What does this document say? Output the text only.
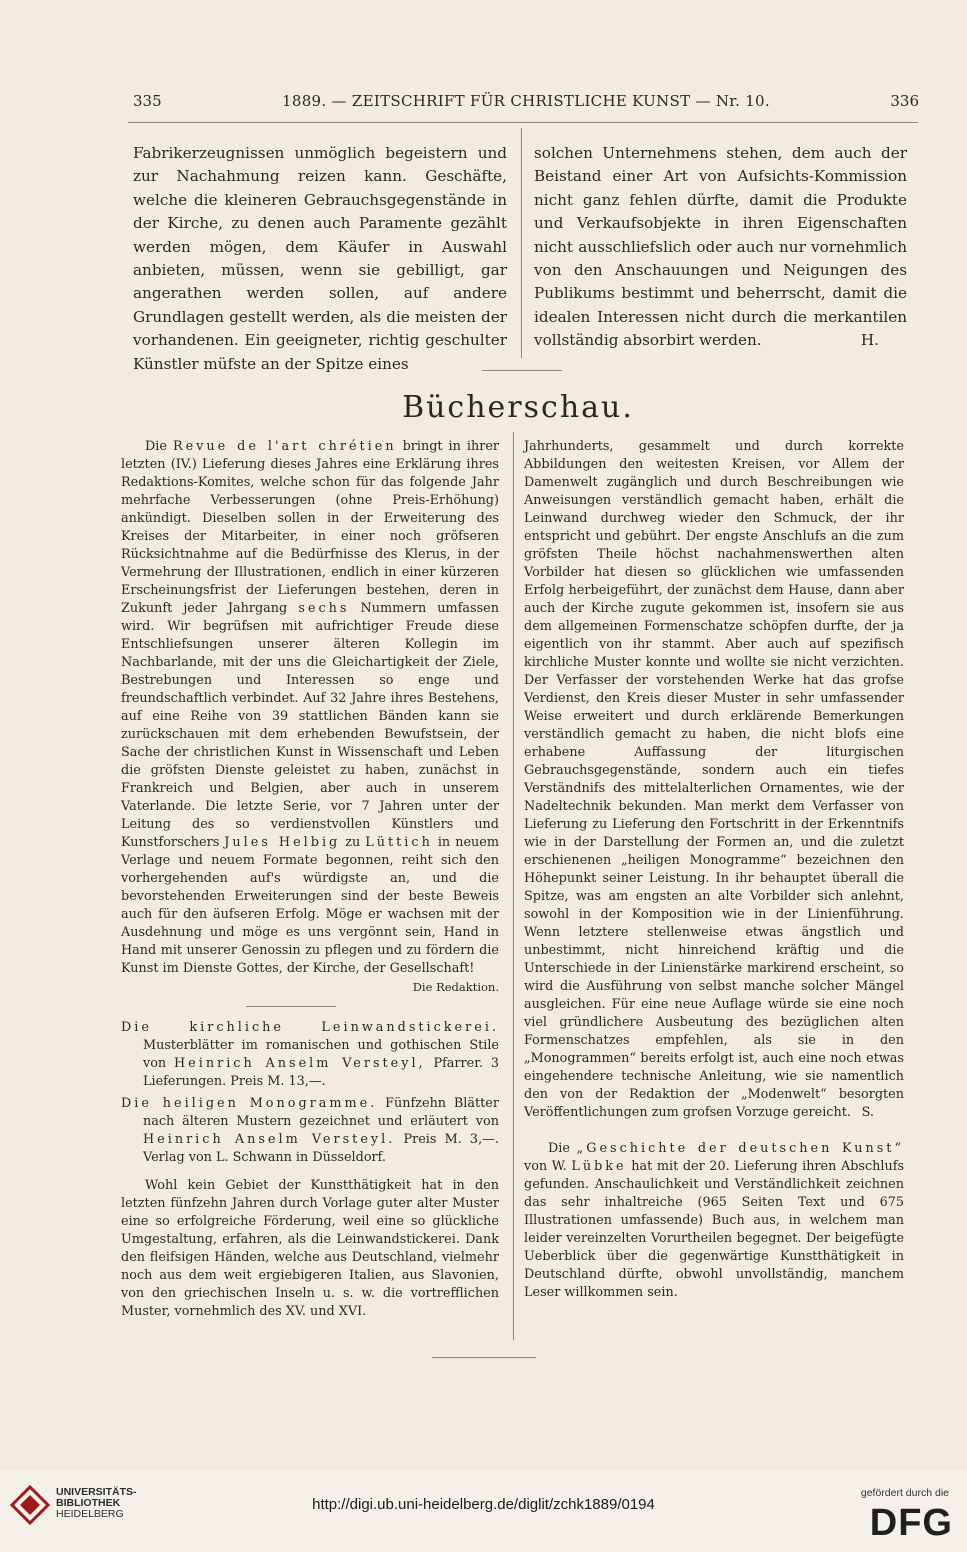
335	1889. — ZEITSCHRIFT FÜR CHRISTLICHE KUNST — Nr. 10.	336

Fabrikerzeugnissen unmöglich begeistern und zur Nachahmung reizen kann. Geschäfte, welche die kleineren Gebrauchsgegenstände in der Kirche, zu denen auch Paramente gezählt werden mögen, dem Käufer in Auswahl anbieten, müssen, wenn sie gebilligt, gar angerathen werden sollen, auf andere Grundlagen gestellt werden, als die meisten der vorhandenen. Ein geeigneter, richtig geschulter Künstler müfste an der Spitze eines

solchen Unternehmens stehen, dem auch der Beistand einer Art von Aufsichts-Kommission nicht ganz fehlen dürfte, damit die Produkte und Verkaufsobjekte in ihren Eigenschaften nicht ausschliefslich oder auch nur vornehmlich von den Anschauungen und Neigungen des Publikums bestimmt und beherrscht, damit die idealen Interessen nicht durch die merkantilen vollständig absorbirt werden.	H.

Bücherschau.

Die Revue de l'art chrétien bringt in ihrer letzten (IV.) Lieferung dieses Jahres eine Erklärung ihres Redaktions-Komites, welche schon für das folgende Jahr mehrfache Verbesserungen (ohne Preis-Erhöhung) ankündigt. Dieselben sollen in der Erweiterung des Kreises der Mitarbeiter, in einer noch gröfseren Rücksichtnahme auf die Bedürfnisse des Klerus, in der Vermehrung der Illustrationen, endlich in einer kürzeren Erscheinungsfrist der Lieferungen bestehen, deren in Zukunft jeder Jahrgang sechs Nummern umfassen wird. Wir begrüfsen mit aufrichtiger Freude diese Entschliefsungen unserer älteren Kollegin im Nachbarlande, mit der uns die Gleichartigkeit der Ziele, Bestrebungen und Interessen so enge und freundschaftlich verbindet. Auf 32 Jahre ihres Bestehens, auf eine Reihe von 39 stattlichen Bänden kann sie zurückschauen mit dem erhebenden Bewufstsein, der Sache der christlichen Kunst in Wissenschaft und Leben die gröfsten Dienste geleistet zu haben, zunächst in Frankreich und Belgien, aber auch in unserem Vaterlande. Die letzte Serie, vor 7 Jahren unter der Leitung des so verdienstvollen Künstlers und Kunstforschers Jules Helbig zu Lüttich in neuem Verlage und neuem Formate begonnen, reiht sich den vorhergehenden auf's würdigste an, und die bevorstehenden Erweiterungen sind der beste Beweis auch für den äufseren Erfolg. Möge er wachsen mit der Ausdehnung und möge es uns vergönnt sein, Hand in Hand mit unserer Genossin zu pflegen und zu fördern die Kunst im Dienste Gottes, der Kirche, der Gesellschaft!

Die Redaktion.

Die kirchliche Leinwandstickerei. Musterblätter im romanischen und gothischen Stile von Heinrich Anselm Versteyl, Pfarrer. 3 Lieferungen. Preis M. 13,—.

Die heiligen Monogramme. Fünfzehn Blätter nach älteren Mustern gezeichnet und erläutert von Heinrich Anselm Versteyl. Preis M. 3,—. Verlag von L. Schwann in Düsseldorf.

Wohl kein Gebiet der Kunstthätigkeit hat in den letzten fünfzehn Jahren durch Vorlage guter alter Muster eine so erfolgreiche Förderung, weil eine so glückliche Umgestaltung, erfahren, als die Leinwandstickerei. Dank den fleifsigen Händen, welche aus Deutschland, vielmehr noch aus dem weit ergiebigeren Italien, aus Slavonien, von den griechischen Inseln u. s. w. die vortrefflichen Muster, vornehmlich des XV. und XVI.

Jahrhunderts, gesammelt und durch korrekte Abbildungen den weitesten Kreisen, vor Allem der Damenwelt zugänglich und durch Beschreibungen wie Anweisungen verständlich gemacht haben, erhält die Leinwand durchweg wieder den Schmuck, der ihr entspricht und gebührt. Der engste Anschlufs an die zum gröfsten Theile höchst nachahmenswerthen alten Vorbilder hat diesen so glücklichen wie umfassenden Erfolg herbeigeführt, der zunächst dem Hause, dann aber auch der Kirche zugute gekommen ist, insofern sie aus dem allgemeinen Formenschatze schöpfen durfte, der ja eigentlich von ihr stammt. Aber auch auf spezifisch kirchliche Muster konnte und wollte sie nicht verzichten. Der Verfasser der vorstehenden Werke hat das grofse Verdienst, den Kreis dieser Muster in sehr umfassender Weise erweitert und durch erklärende Bemerkungen verständlich gemacht zu haben, die nicht blofs eine erhabene Auffassung der liturgischen Gebrauchsgegenstände, sondern auch ein tiefes Verständnifs des mittelalterlichen Ornamentes, wie der Nadeltechnik bekunden. Man merkt dem Verfasser von Lieferung zu Lieferung den Fortschritt in der Erkenntnifs wie in der Darstellung der Formen an, und die zuletzt erschienenen „heiligen Monogramme“ bezeichnen den Höhepunkt seiner Leistung. In ihr behauptet überall die Spitze, was am engsten an alte Vorbilder sich anlehnt, sowohl in der Komposition wie in der Linienführung. Wenn letztere stellenweise etwas ängstlich und unbestimmt, nicht hinreichend kräftig und die Unterschiede in der Linienstärke markirend erscheint, so wird die Ausführung von selbst manche solcher Mängel ausgleichen. Für eine neue Auflage würde sie eine noch viel gründlichere Ausbeutung des bezüglichen alten Formenschatzes empfehlen, als sie in den „Monogrammen“ bereits erfolgt ist, auch eine noch etwas eingehendere technische Anleitung, wie sie namentlich den von der Redaktion der „Modenwelt“ besorgten Veröffentlichungen zum grofsen Vorzuge gereicht. S.

Die „Geschichte der deutschen Kunst“ von W. Lübke hat mit der 20. Lieferung ihren Abschlufs gefunden. Anschaulichkeit und Verständlichkeit zeichnen das sehr inhaltreiche (965 Seiten Text und 675 Illustrationen umfassende) Buch aus, in welchem man leider vereinzelten Vorurtheilen begegnet. Der beigefügte Ueberblick über die gegenwärtige Kunstthätigkeit in Deutschland dürfte, obwohl unvollständig, manchem Leser willkommen sein.

UNIVERSITÄTS-
BIBLIOTHEK
HEIDELBERG
http://digi.ub.uni-heidelberg.de/diglit/zchk1889/0194
gefördert durch die
DFG
